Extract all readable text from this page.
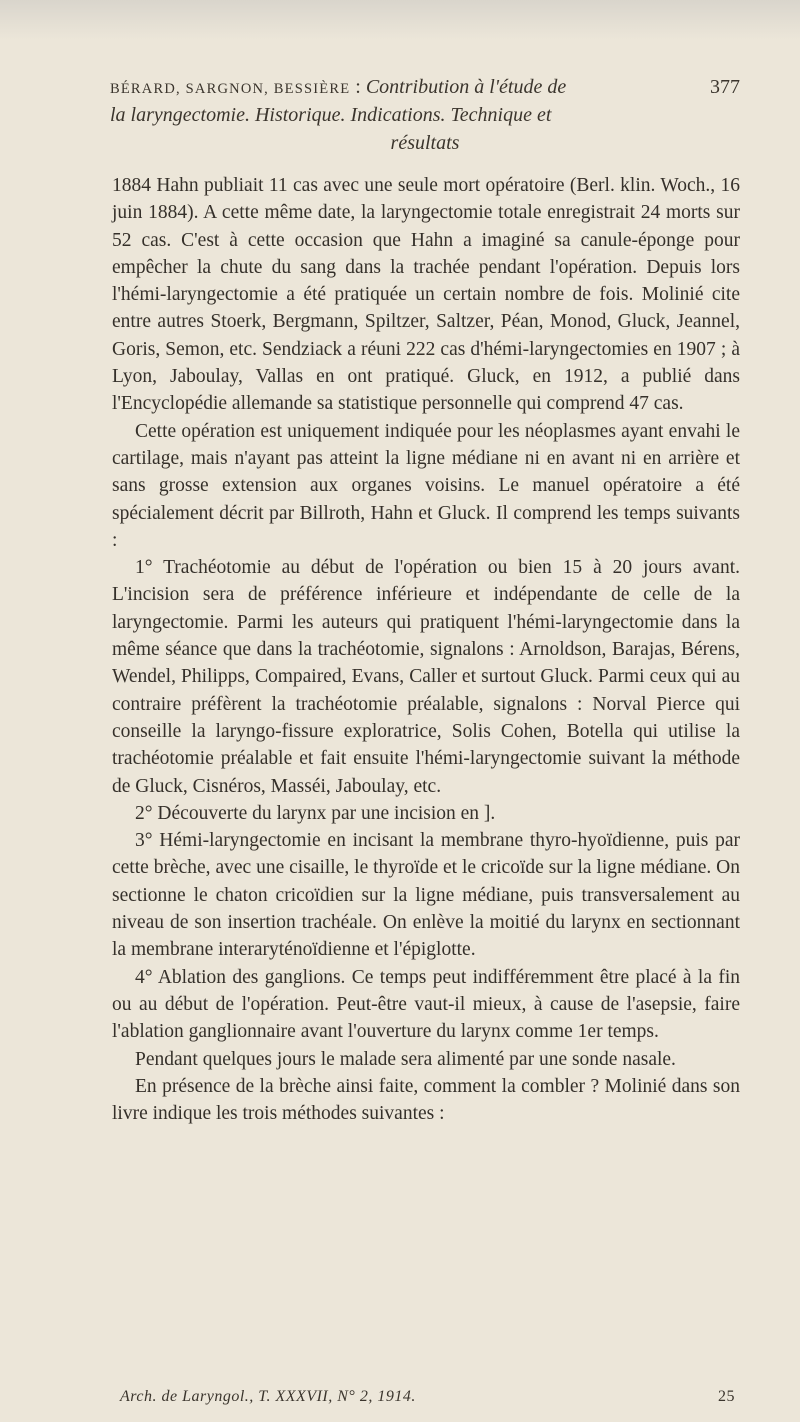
BÉRARD, SARGNON, BESSIÈRE : Contribution à l'étude de	377
la laryngectomie. Historique. Indications. Technique et
résultats

1884 Hahn publiait 11 cas avec une seule mort opératoire (Berl. klin. Woch., 16 juin 1884). A cette même date, la laryngectomie totale enregistrait 24 morts sur 52 cas. C'est à cette occasion que Hahn a imaginé sa canule-éponge pour empêcher la chute du sang dans la trachée pendant l'opération. Depuis lors l'hémi-laryngectomie a été pratiquée un certain nombre de fois. Molinié cite entre autres Stoerk, Bergmann, Spiltzer, Saltzer, Péan, Monod, Gluck, Jeannel, Goris, Semon, etc. Sendziack a réuni 222 cas d'hémi-laryngectomies en 1907 ; à Lyon, Jaboulay, Vallas en ont pratiqué. Gluck, en 1912, a publié dans l'Encyclopédie allemande sa statistique personnelle qui comprend 47 cas.

Cette opération est uniquement indiquée pour les néoplasmes ayant envahi le cartilage, mais n'ayant pas atteint la ligne médiane ni en avant ni en arrière et sans grosse extension aux organes voisins. Le manuel opératoire a été spécialement décrit par Billroth, Hahn et Gluck. Il comprend les temps suivants :

1° Trachéotomie au début de l'opération ou bien 15 à 20 jours avant. L'incision sera de préférence inférieure et indépendante de celle de la laryngectomie. Parmi les auteurs qui pratiquent l'hémi-laryngectomie dans la même séance que dans la trachéotomie, signalons : Arnoldson, Barajas, Bérens, Wendel, Philipps, Compaired, Evans, Caller et surtout Gluck. Parmi ceux qui au contraire préfèrent la trachéotomie préalable, signalons : Norval Pierce qui conseille la laryngo-fissure exploratrice, Solis Cohen, Botella qui utilise la trachéotomie préalable et fait ensuite l'hémi-laryngectomie suivant la méthode de Gluck, Cisnéros, Masséi, Jaboulay, etc.

2° Découverte du larynx par une incision en ].

3° Hémi-laryngectomie en incisant la membrane thyro-hyoïdienne, puis par cette brèche, avec une cisaille, le thyroïde et le cricoïde sur la ligne médiane. On sectionne le chaton cricoïdien sur la ligne médiane, puis transversalement au niveau de son insertion trachéale. On enlève la moitié du larynx en sectionnant la membrane interaryténoïdienne et l'épiglotte.

4° Ablation des ganglions. Ce temps peut indifféremment être placé à la fin ou au début de l'opération. Peut-être vaut-il mieux, à cause de l'asepsie, faire l'ablation ganglionnaire avant l'ouverture du larynx comme 1er temps.

Pendant quelques jours le malade sera alimenté par une sonde nasale.

En présence de la brèche ainsi faite, comment la combler ? Molinié dans son livre indique les trois méthodes suivantes :

Arch. de Laryngol., T. XXXVII, N° 2, 1914.	25
